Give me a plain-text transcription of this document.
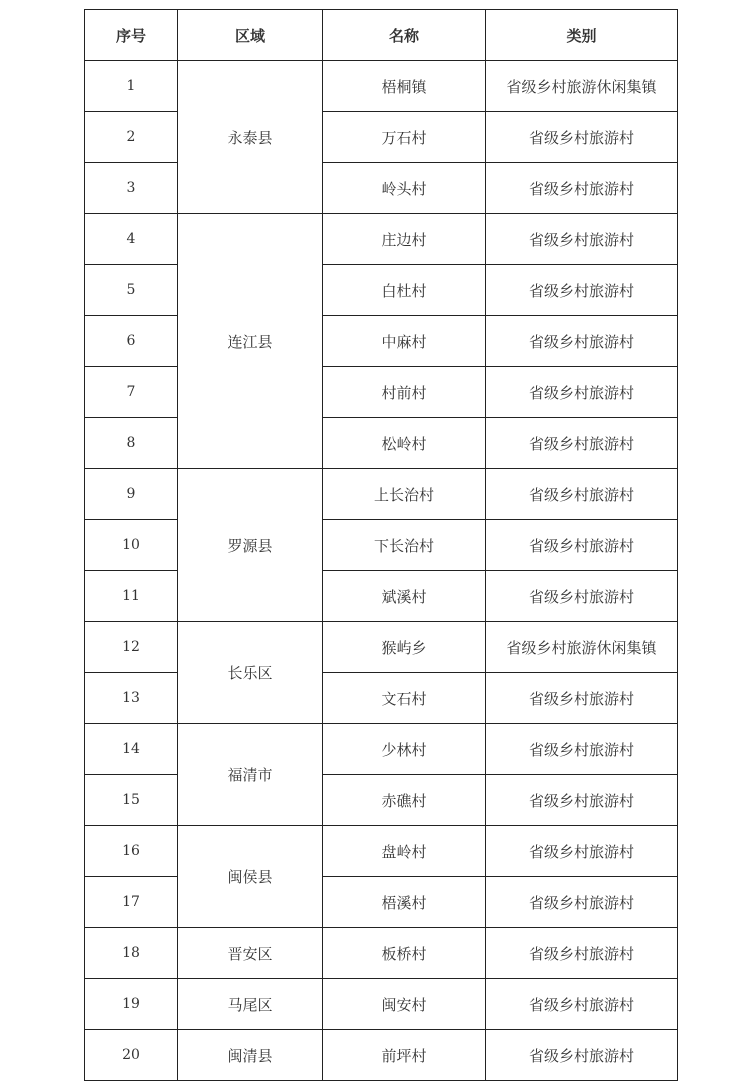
序号	区域	名称	类别
1	永泰县	梧桐镇	省级乡村旅游休闲集镇
2		万石村	省级乡村旅游村
3		岭头村	省级乡村旅游村
4	连江县	庄边村	省级乡村旅游村
5		白杜村	省级乡村旅游村
6		中麻村	省级乡村旅游村
7		村前村	省级乡村旅游村
8		松岭村	省级乡村旅游村
9	罗源县	上长治村	省级乡村旅游村
10		下长治村	省级乡村旅游村
11		斌溪村	省级乡村旅游村
12	长乐区	猴屿乡	省级乡村旅游休闲集镇
13		文石村	省级乡村旅游村
14	福清市	少林村	省级乡村旅游村
15		赤礁村	省级乡村旅游村
16	闽侯县	盘岭村	省级乡村旅游村
17		梧溪村	省级乡村旅游村
18	晋安区	板桥村	省级乡村旅游村
19	马尾区	闽安村	省级乡村旅游村
20	闽清县	前坪村	省级乡村旅游村
